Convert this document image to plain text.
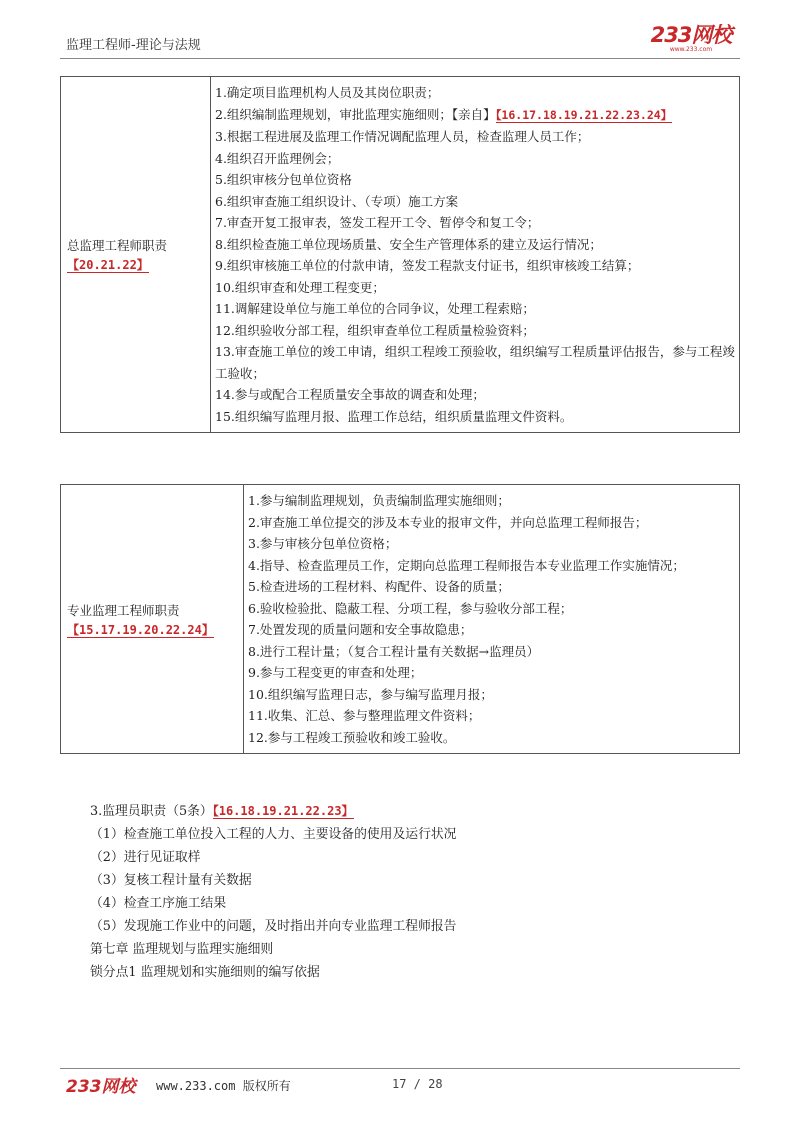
监理工程师-理论与法规	233网校
www.233.com
总监理工程师职责
【20.21.22】

1.确定项目监理机构人员及其岗位职责；
2.组织编制监理规划，审批监理实施细则；【亲自】【16.17.18.19.21.22.23.24】
3.根据工程进展及监理工作情况调配监理人员，检查监理人员工作；
4.组织召开监理例会；
5.组织审核分包单位资格
6.组织审查施工组织设计、（专项）施工方案
7.审查开复工报审表，签发工程开工令、暂停令和复工令；
8.组织检查施工单位现场质量、安全生产管理体系的建立及运行情况；
9.组织审核施工单位的付款申请，签发工程款支付证书，组织审核竣工结算；
10.组织审查和处理工程变更；
11.调解建设单位与施工单位的合同争议，处理工程索赔；
12.组织验收分部工程，组织审查单位工程质量检验资料；
13.审查施工单位的竣工申请，组织工程竣工预验收，组织编写工程质量评估报告，参与工程竣工验收；
14.参与或配合工程质量安全事故的调查和处理；
15.组织编写监理月报、监理工作总结，组织质量监理文件资料。
专业监理工程师职责
【15.17.19.20.22.24】

1.参与编制监理规划，负责编制监理实施细则；
2.审查施工单位提交的涉及本专业的报审文件，并向总监理工程师报告；
3.参与审核分包单位资格；
4.指导、检查监理员工作，定期向总监理工程师报告本专业监理工作实施情况；
5.检查进场的工程材料、构配件、设备的质量；
6.验收检验批、隐蔽工程、分项工程，参与验收分部工程；
7.处置发现的质量问题和安全事故隐患；
8.进行工程计量；（复合工程计量有关数据→监理员）
9.参与工程变更的审查和处理；
10.组织编写监理日志，参与编写监理月报；
11.收集、汇总、参与整理监理文件资料；
12.参与工程竣工预验收和竣工验收。
3.监理员职责（5条）【16.18.19.21.22.23】
（1）检查施工单位投入工程的人力、主要设备的使用及运行状况
（2）进行见证取样
（3）复核工程计量有关数据
（4）检查工序施工结果
（5）发现施工作业中的问题，及时指出并向专业监理工程师报告
第七章 监理规划与监理实施细则
锁分点1 监理规划和实施细则的编写依据
233网校 www.233.com 版权所有	17 / 28
